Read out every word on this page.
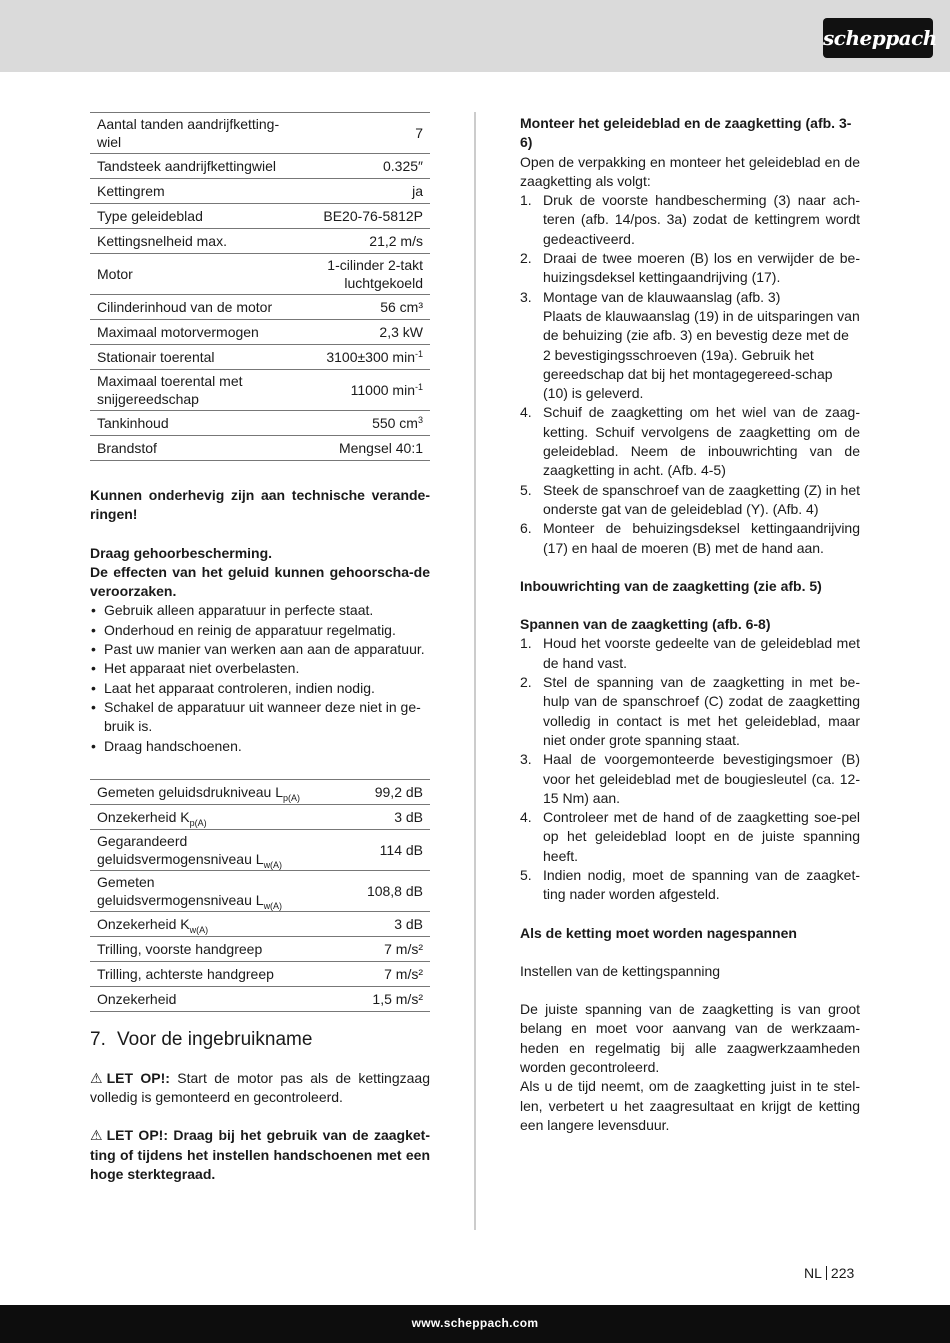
scheppach
Aantal tanden aandrijfketting-wiel	7
Tandsteek aandrijfkettingwiel	0.325″
Kettingrem	ja
Type geleideblad	BE20-76-5812P
Kettingsnelheid max.	21,2 m/s
Motor	1-cilinder 2-takt luchtgekoeld
Cilinderinhoud van de motor	56 cm³
Maximaal motorvermogen	2,3 kW
Stationair toerental	3100±300 $\min^{-1}$
Maximaal toerental met snijgereedschap	11000 $\min^{-1}$
Tankinhoud	550 $cm^3$
Brandstof	Mengsel 40:1

Kunnen onderhevig zijn aan technische verande-ringen!

Draag gehoorbescherming.

De effecten van het geluid kunnen gehoorscha-de veroorzaken.

• Gebruik alleen apparatuur in perfecte staat.
• Onderhoud en reinig de apparatuur regelmatig.
• Past uw manier van werken aan aan de apparatuur.
• Het apparaat niet overbelasten.
• Laat het apparaat controleren, indien nodig.
• Schakel de apparatuur uit wanneer deze niet in ge-bruik is.
• Draag handschoenen.
Gemeten geluidsdrukniveau $L_{p(A)}$	99,2 dB
Onzekerheid $K_{p(A)}$	3 dB
Gegarandeerd geluidsvermogensniveau $L_{w(A)}$	114 dB
Gemeten geluidsvermogensniveau $L_{w(A)}$	108,8 dB
Onzekerheid $K_{w(A)}$	3 dB
Trilling, voorste handgreep	7 m/s²
Trilling, achterste handgreep	7 m/s²
Onzekerheid	1,5 m/s²
7. Voor de ingebruikname

⚠ LET OP!: Start de motor pas als de kettingzaag volledig is gemonteerd en gecontroleerd.

⚠ LET OP!: Draag bij het gebruik van de zaagket-ting of tijdens het instellen handschoenen met een hoge sterktegraad.

Monteer het geleideblad en de zaagketting (afb. 3-6)

Open de verpakking en monteer het geleideblad en de zaagketting als volgt:

1. Druk de voorste handbescherming (3) naar ach-teren (afb. 14/pos. 3a) zodat de kettingrem wordt gedeactiveerd.
2. Draai de twee moeren (B) los en verwijder de be-huizingsdeksel kettingaandrijving (17).
3. Montage van de klauwaanslag (afb. 3)

Plaats de klauwaanslag (19) in de uitsparingen van de behuizing (zie afb. 3) en bevestig deze met de 2 bevestigingsschroeven (19a). Gebruik het gereedschap dat bij het montagegereed-schap (10) is geleverd.
4. Schuif de zaagketting om het wiel van de zaag-ketting. Schuif vervolgens de zaagketting om de geleideblad. Neem de inbouwrichting van de zaagketting in acht. (Afb. 4-5)
5. Steek de spanschroef van de zaagketting (Z) in het onderste gat van de geleideblad (Y). (Afb. 4)
6. Monteer de behuizingsdeksel kettingaandrijving (17) en haal de moeren (B) met de hand aan.

Inbouwrichting van de zaagketting (zie afb. 5)

Spannen van de zaagketting (afb. 6-8)

1. Houd het voorste gedeelte van de geleideblad met de hand vast.
2. Stel de spanning van de zaagketting in met be-hulp van de spanschroef (C) zodat de zaagketting volledig in contact is met het geleideblad, maar niet onder grote spanning staat.
3. Haal de voorgemonteerde bevestigingsmoer (B) voor het geleideblad met de bougiesleutel (ca. 12-15 Nm) aan.
4. Controleer met de hand of de zaagketting soe-pel op het geleideblad loopt en de juiste spanning heeft.
5. Indien nodig, moet de spanning van de zaagket-ting nader worden afgesteld.

Als de ketting moet worden nagespannen

Instellen van de kettingspanning

De juiste spanning van de zaagketting is van groot belang en moet voor aanvang van de werkzaam-heden en regelmatig bij alle zaagwerkzaamheden worden gecontroleerd.

Als u de tijd neemt, om de zaagketting juist in te stel-len, verbetert u het zaagresultaat en krijgt de ketting een langere levensduur.

NL 223
www.scheppach.com
